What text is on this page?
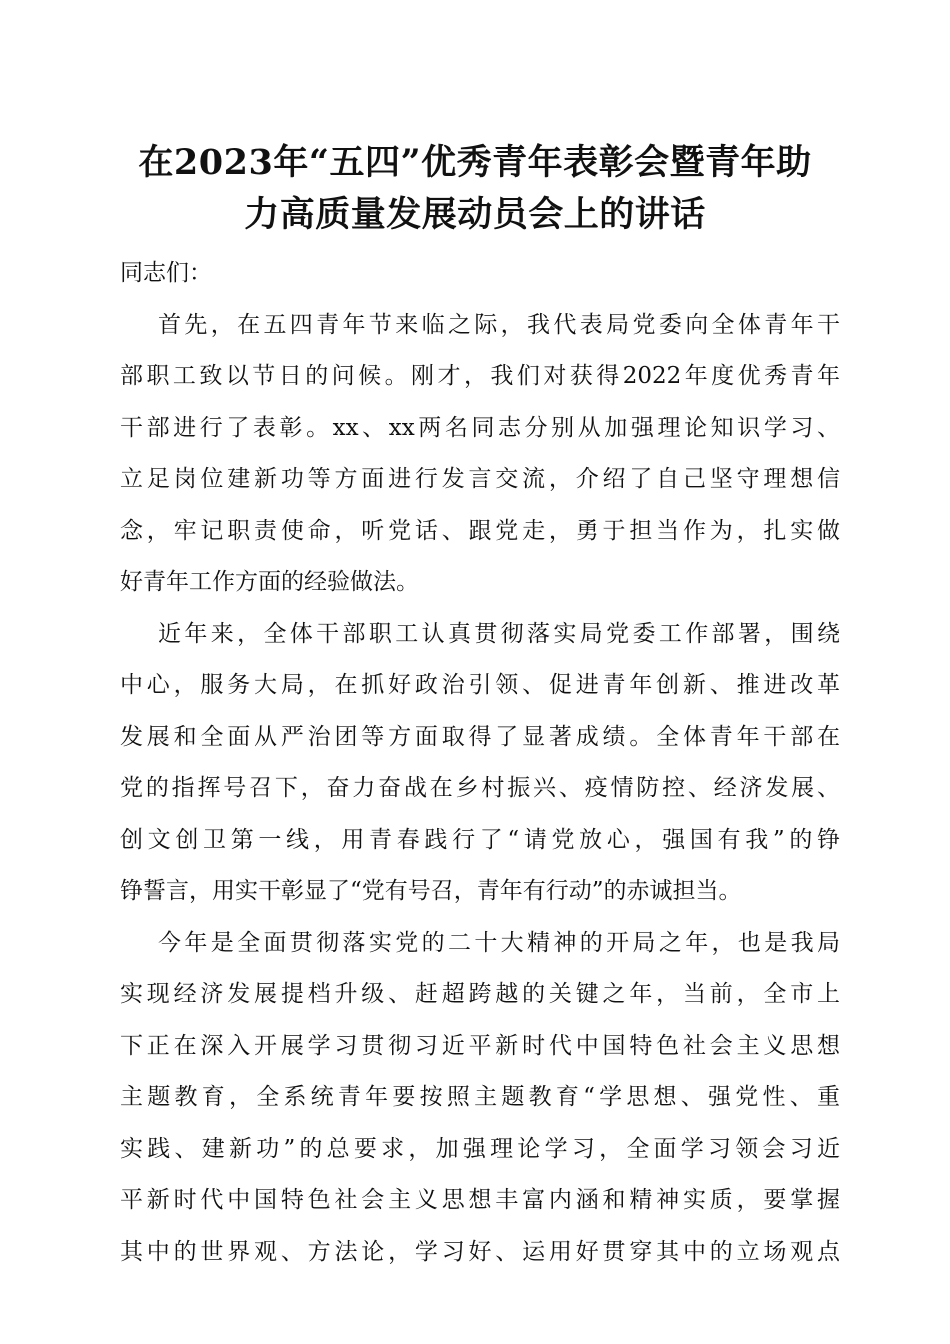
在2023年“五四”优秀青年表彰会暨青年助
力高质量发展动员会上的讲话
同志们：
首先，在五四青年节来临之际，我代表局党委向全体青年干
部职工致以节日的问候。刚才，我们对获得2022年度优秀青年
干部进行了表彰。xx、xx两名同志分别从加强理论知识学习、
立足岗位建新功等方面进行发言交流，介绍了自己坚守理想信
念，牢记职责使命，听党话、跟党走，勇于担当作为，扎实做
好青年工作方面的经验做法。
近年来，全体干部职工认真贯彻落实局党委工作部署，围绕
中心，服务大局，在抓好政治引领、促进青年创新、推进改革
发展和全面从严治团等方面取得了显著成绩。全体青年干部在
党的指挥号召下，奋力奋战在乡村振兴、疫情防控、经济发展、
创文创卫第一线，用青春践行了“请党放心，强国有我”的铮
铮誓言，用实干彰显了“党有号召，青年有行动”的赤诚担当。
今年是全面贯彻落实党的二十大精神的开局之年，也是我局
实现经济发展提档升级、赶超跨越的关键之年，当前，全市上
下正在深入开展学习贯彻习近平新时代中国特色社会主义思想
主题教育，全系统青年要按照主题教育“学思想、强党性、重
实践、建新功”的总要求，加强理论学习，全面学习领会习近
平新时代中国特色社会主义思想丰富内涵和精神实质，要掌握
其中的世界观、方法论，学习好、运用好贯穿其中的立场观点
